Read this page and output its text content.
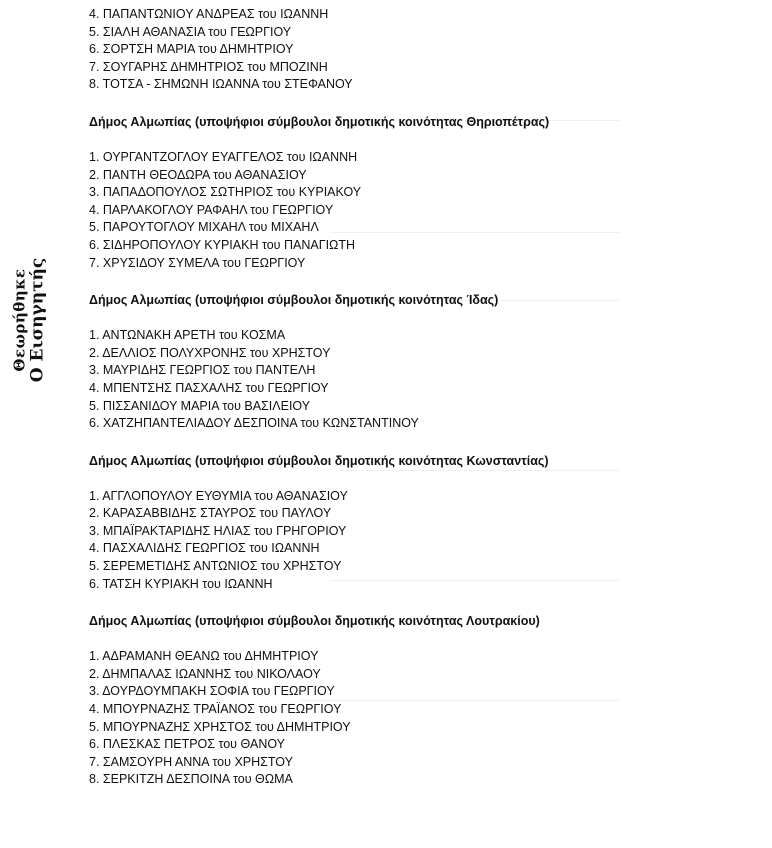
Θεωρήθηκε Ο Εισηγητής
4. ΠΑΠΑΝΤΩΝΙΟΥ ΑΝΔΡΕΑΣ του ΙΩΑΝΝΗ
5. ΣΙΑΛΗ ΑΘΑΝΑΣΙΑ του ΓΕΩΡΓΙΟΥ
6. ΣΟΡΤΣΗ ΜΑΡΙΑ του ΔΗΜΗΤΡΙΟΥ
7. ΣΟΥΓΑΡΗΣ ΔΗΜΗΤΡΙΟΣ του ΜΠΟΖΙΝΗ
8. ΤΟΤΣΑ - ΣΗΜΩΝΗ ΙΩΑΝΝΑ του ΣΤΕΦΑΝΟΥ
Δήμος Αλμωπίας (υποψήφιοι σύμβουλοι δημοτικής κοινότητας Θηριοπέτρας)
1. ΟΥΡΓΑΝΤΖΟΓΛΟΥ ΕΥΑΓΓΕΛΟΣ του ΙΩΑΝΝΗ
2. ΠΑΝΤΗ ΘΕΟΔΩΡΑ του ΑΘΑΝΑΣΙΟΥ
3. ΠΑΠΑΔΟΠΟΥΛΟΣ ΣΩΤΗΡΙΟΣ του ΚΥΡΙΑΚΟΥ
4. ΠΑΡΛΑΚΟΓΛΟΥ ΡΑΦΑΗΛ του ΓΕΩΡΓΙΟΥ
5. ΠΑΡΟΥΤΟΓΛΟΥ ΜΙΧΑΗΛ του ΜΙΧΑΗΛ
6. ΣΙΔΗΡΟΠΟΥΛΟΥ ΚΥΡΙΑΚΗ του ΠΑΝΑΓΙΩΤΗ
7. ΧΡΥΣΙΔΟΥ ΣΥΜΕΛΑ του ΓΕΩΡΓΙΟΥ
Δήμος Αλμωπίας (υποψήφιοι σύμβουλοι δημοτικής κοινότητας Ίδας)
1. ΑΝΤΩΝΑΚΗ ΑΡΕΤΗ του ΚΟΣΜΑ
2. ΔΕΛΛΙΟΣ ΠΟΛΥΧΡΟΝΗΣ του ΧΡΗΣΤΟΥ
3. ΜΑΥΡΙΔΗΣ ΓΕΩΡΓΙΟΣ του ΠΑΝΤΕΛΗ
4. ΜΠΕΝΤΣΗΣ ΠΑΣΧΑΛΗΣ του ΓΕΩΡΓΙΟΥ
5. ΠΙΣΣΑΝΙΔΟΥ ΜΑΡΙΑ του ΒΑΣΙΛΕΙΟΥ
6. ΧΑΤΖΗΠΑΝΤΕΛΙΑΔΟΥ ΔΕΣΠΟΙΝΑ του ΚΩΝΣΤΑΝΤΙΝΟΥ
Δήμος Αλμωπίας (υποψήφιοι σύμβουλοι δημοτικής κοινότητας Κωνσταντίας)
1. ΑΓΓΛΟΠΟΥΛΟΥ ΕΥΘΥΜΙΑ του ΑΘΑΝΑΣΙΟΥ
2. ΚΑΡΑΣΑΒΒΙΔΗΣ ΣΤΑΥΡΟΣ του ΠΑΥΛΟΥ
3. ΜΠΑΪΡΑΚΤΑΡΙΔΗΣ ΗΛΙΑΣ του ΓΡΗΓΟΡΙΟΥ
4. ΠΑΣΧΑΛΙΔΗΣ ΓΕΩΡΓΙΟΣ του ΙΩΑΝΝΗ
5. ΣΕΡΕΜΕΤΙΔΗΣ ΑΝΤΩΝΙΟΣ του ΧΡΗΣΤΟΥ
6. ΤΑΤΣΗ ΚΥΡΙΑΚΗ του ΙΩΑΝΝΗ
Δήμος Αλμωπίας (υποψήφιοι σύμβουλοι δημοτικής κοινότητας Λουτρακίου)
1. ΑΔΡΑΜΑΝΗ ΘΕΑΝΩ του ΔΗΜΗΤΡΙΟΥ
2. ΔΗΜΠΑΛΑΣ ΙΩΑΝΝΗΣ του ΝΙΚΟΛΑΟΥ
3. ΔΟΥΡΔΟΥΜΠΑΚΗ ΣΟΦΙΑ του ΓΕΩΡΓΙΟΥ
4. ΜΠΟΥΡΝΑΖΗΣ ΤΡΑΪΑΝΟΣ του ΓΕΩΡΓΙΟΥ
5. ΜΠΟΥΡΝΑΖΗΣ ΧΡΗΣΤΟΣ του ΔΗΜΗΤΡΙΟΥ
6. ΠΛΕΣΚΑΣ ΠΕΤΡΟΣ του ΘΑΝΟΥ
7. ΣΑΜΣΟΥΡΗ ΑΝΝΑ του ΧΡΗΣΤΟΥ
8. ΣΕΡΚΙΤΖΗ ΔΕΣΠΟΙΝΑ του ΘΩΜΑ
